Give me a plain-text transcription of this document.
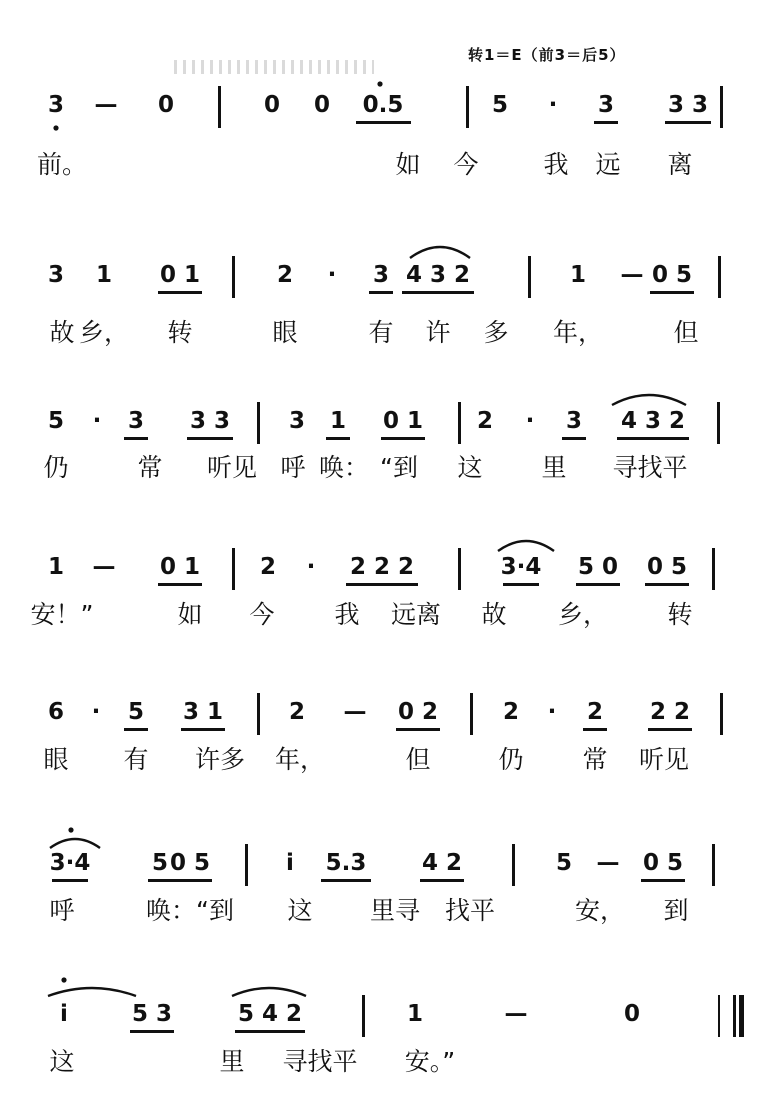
转1＝E（前3＝后5）
3 — 0	0 0 0.5	5 · 3 3 3
前。	如 今	我 远 离
3 1 0 1	2 · 3 4 3 2	1 — 0 5
故 乡， 转	眼	有 许 多 年，	但
5 · 3 3 3	3 1 0 1 2 · 3 4 3 2
仍	常 听见 呼 唤： “到 这 里 寻找平
1 — 0 1	2 · 2 2 2	3·4 5 0 0 5
安！”	如 今 我 远离 故 乡， 转
6 · 5 3 1	2 — 0 2	2 · 2 2 2
眼 有 许多 年，	但	仍 常 听见
3·4	5 0 5	i 5.3 4 2	5 — 0 5
呼	唤：“到 这 里寻 找平	安， 到
i	5 3	5 4 2	1	—	0
这	里 寻找平 安。”
